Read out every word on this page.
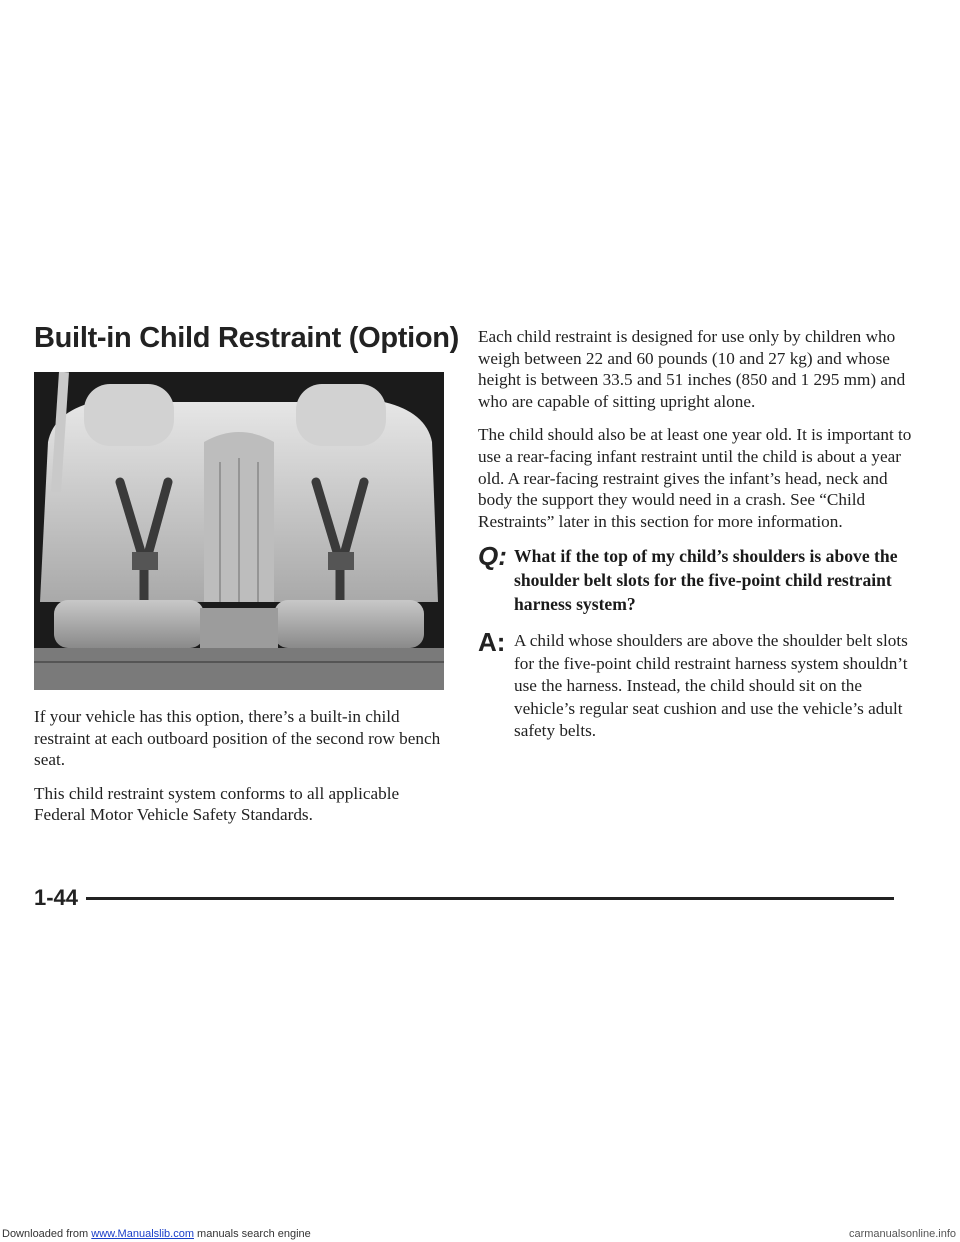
Built-in Child Restraint (Option)

If your vehicle has this option, there’s a built-in child restraint at each outboard position of the second row bench seat.

This child restraint system conforms to all applicable Federal Motor Vehicle Safety Standards.

Each child restraint is designed for use only by children who weigh between 22 and 60 pounds (10 and 27 kg) and whose height is between 33.5 and 51 inches (850 and 1 295 mm) and who are capable of sitting upright alone.

The child should also be at least one year old. It is important to use a rear-facing infant restraint until the child is about a year old. A rear-facing restraint gives the infant’s head, neck and body the support they would need in a crash. See “Child Restraints” later in this section for more information.

Q: What if the top of my child’s shoulders is above the shoulder belt slots for the five-point child restraint harness system?
A: A child whose shoulders are above the shoulder belt slots for the five-point child restraint harness system shouldn’t use the harness. Instead, the child should sit on the vehicle’s regular seat cushion and use the vehicle’s adult safety belts.
1-44
Downloaded from www.Manualslib.com manuals search engine	carmanualsonline.info
